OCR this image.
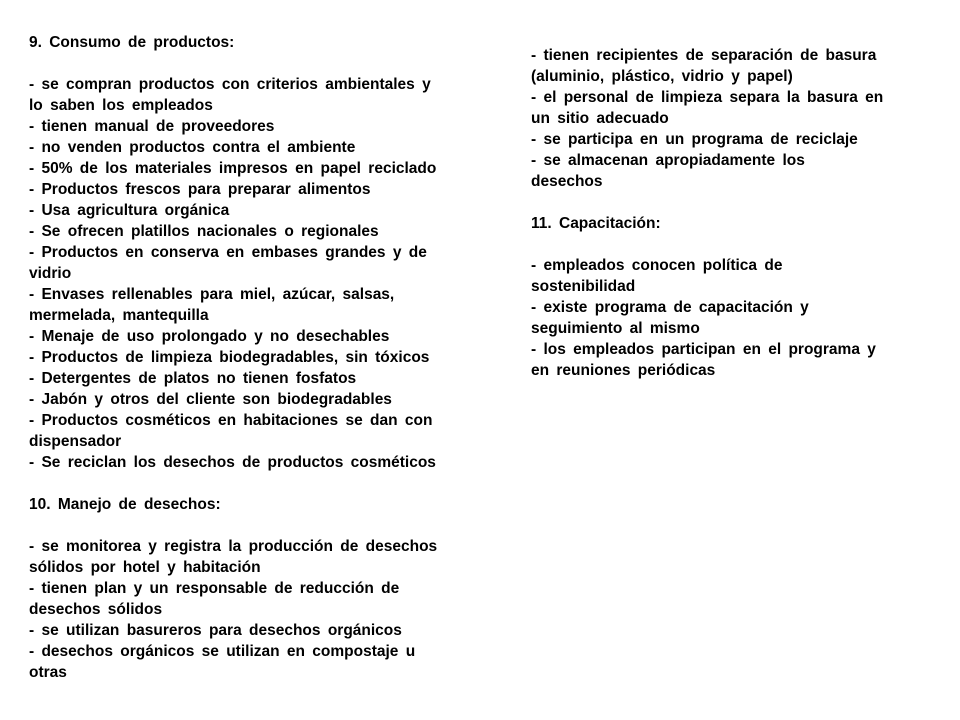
9. Consumo de productos:
- se compran productos con criterios ambientales y
lo saben los empleados
- tienen manual de proveedores
- no venden productos contra el ambiente
- 50% de los materiales impresos en papel reciclado
- Productos frescos para preparar alimentos
- Usa agricultura orgánica
- Se ofrecen platillos nacionales o regionales
- Productos en conserva en embases grandes y de
vidrio
- Envases rellenables para miel, azúcar, salsas,
mermelada, mantequilla
- Menaje de uso prolongado y no desechables
- Productos de limpieza biodegradables, sin tóxicos
- Detergentes de platos no tienen fosfatos
- Jabón y otros del cliente son biodegradables
- Productos cosméticos en habitaciones se dan con
dispensador
- Se reciclan los desechos de productos cosméticos
10. Manejo de desechos:
- se monitorea y registra la producción de desechos
sólidos por hotel y habitación
- tienen plan y un responsable de reducción de
desechos sólidos
- se utilizan basureros para desechos orgánicos
- desechos orgánicos se utilizan en compostaje u
otras
- tienen recipientes de separación de basura
(aluminio, plástico, vidrio y papel)
- el personal de limpieza separa la basura en
un sitio adecuado
- se participa en un programa de reciclaje
- se almacenan apropiadamente los
desechos
11. Capacitación:
- empleados conocen política de
sostenibilidad
- existe programa de capacitación y
seguimiento al mismo
- los empleados participan en el programa y
en reuniones periódicas
